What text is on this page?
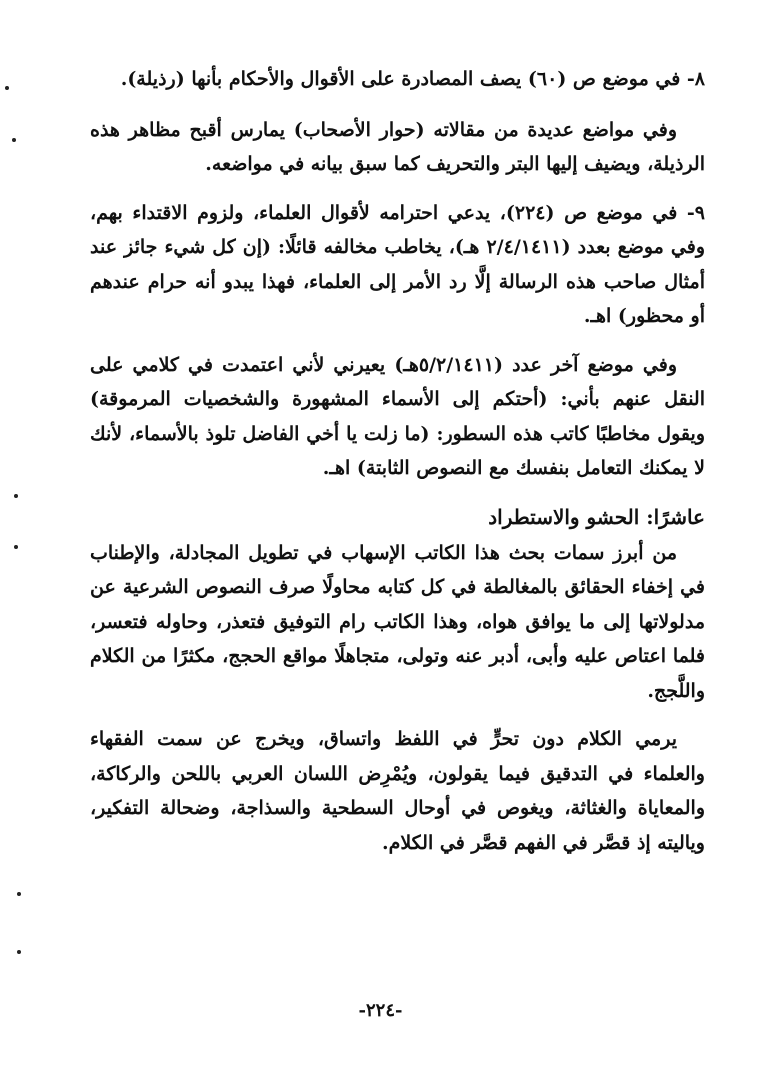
٨- في موضع ص (٦٠) يصف المصادرة على الأقوال والأحكام بأنها (رذيلة).

وفي مواضع عديدة من مقالاته (حوار الأصحاب) يمارس أقبح مظاهر هذه الرذيلة، ويضيف إليها البتر والتحريف كما سبق بيانه في مواضعه.

٩- في موضع ص (٢٢٤)، يدعي احترامه لأقوال العلماء، ولزوم الاقتداء بهم، وفي موضع بعدد (٢/٤/١٤١١ هـ)، يخاطب مخالفه قائلًا: (إن كل شيء جائز عند أمثال صاحب هذه الرسالة إلَّا رد الأمر إلى العلماء، فهذا يبدو أنه حرام عندهم أو محظور) اهـ.

وفي موضع آخر عدد (٥/٢/١٤١١هـ) يعيرني لأني اعتمدت في كلامي على النقل عنهم بأني: (أحتكم إلى الأسماء المشهورة والشخصيات المرموقة) ويقول مخاطبًا كاتب هذه السطور: (ما زلت يا أخي الفاضل تلوذ بالأسماء، لأنك لا يمكنك التعامل بنفسك مع النصوص الثابتة) اهـ.

عاشرًا: الحشو والاستطراد

من أبرز سمات بحث هذا الكاتب الإسهاب في تطويل المجادلة، والإطناب في إخفاء الحقائق بالمغالطة في كل كتابه محاولًا صرف النصوص الشرعية عن مدلولاتها إلى ما يوافق هواه، وهذا الكاتب رام التوفيق فتعذر، وحاوله فتعسر، فلما اعتاص عليه وأبى، أدبر عنه وتولى، متجاهلًا مواقع الحجج، مكثرًا من الكلام واللَّجج.

يرمي الكلام دون تحرٍّ في اللفظ واتساق، ويخرج عن سمت الفقهاء والعلماء في التدقيق فيما يقولون، ويُمْرِض اللسان العربي باللحن والركاكة، والمعاياة والغثاثة، ويغوص في أوحال السطحية والسذاجة، وضحالة التفكير، وياليته إذ قصَّر في الفهم قصَّر في الكلام.

-٢٢٤-
